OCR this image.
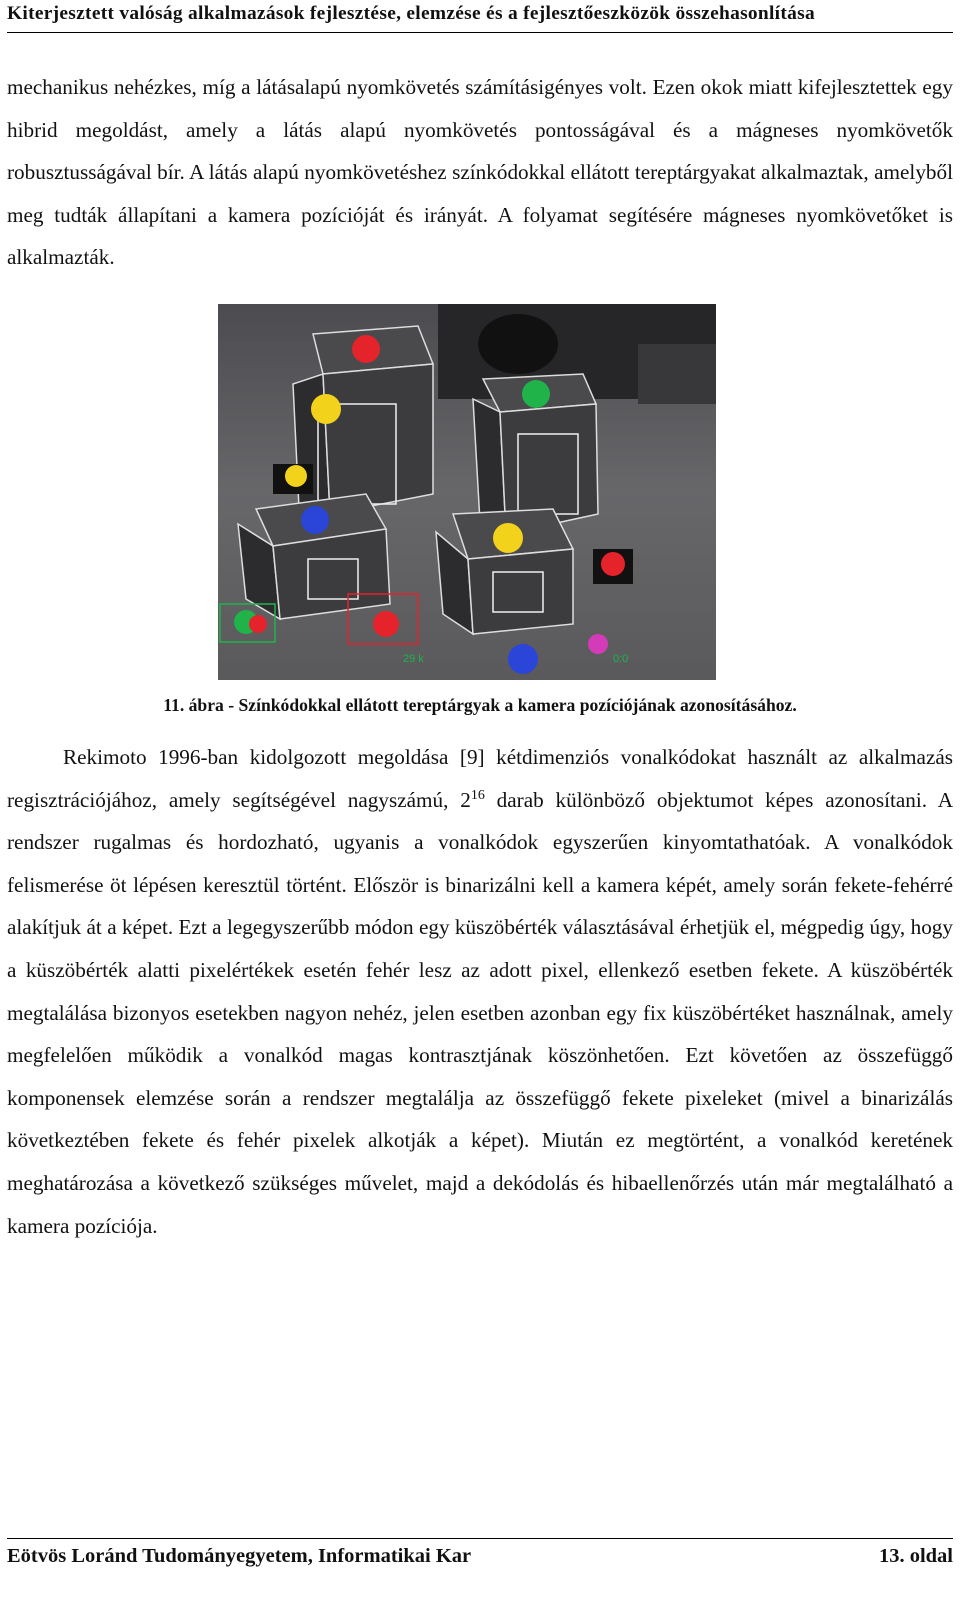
Kiterjesztett valóság alkalmazások fejlesztése, elemzése és a fejlesztőeszközök összehasonlítása

mechanikus nehézkes, míg a látásalapú nyomkövetés számításigényes volt. Ezen okok miatt kifejlesztettek egy hibrid megoldást, amely a látás alapú nyomkövetés pontosságával és a mágneses nyomkövetők robusztusságával bír. A látás alapú nyomkövetéshez színkódokkal ellátott tereptárgyakat alkalmaztak, amelyből meg tudták állapítani a kamera pozícióját és irányát. A folyamat segítésére mágneses nyomkövetőket is alkalmazták.

29 k	0:0
11. ábra - Színkódokkal ellátott tereptárgyak a kamera pozíciójának azonosításához.

Rekimoto 1996-ban kidolgozott megoldása [9] kétdimenziós vonalkódokat használt az alkalmazás regisztrációjához, amely segítségével nagyszámú, $2^{16}$ darab különböző objektumot képes azonosítani. A rendszer rugalmas és hordozható, ugyanis a vonalkódok egyszerűen kinyomtathatóak. A vonalkódok felismerése öt lépésen keresztül történt. Először is binarizálni kell a kamera képét, amely során fekete-fehérré alakítjuk át a képet. Ezt a legegyszerűbb módon egy küszöbérték választásával érhetjük el, mégpedig úgy, hogy a küszöbérték alatti pixelértékek esetén fehér lesz az adott pixel, ellenkező esetben fekete. A küszöbérték megtalálása bizonyos esetekben nagyon nehéz, jelen esetben azonban egy fix küszöbértéket használnak, amely megfelelően működik a vonalkód magas kontrasztjának köszönhetően. Ezt követően az összefüggő komponensek elemzése során a rendszer megtalálja az összefüggő fekete pixeleket (mivel a binarizálás következtében fekete és fehér pixelek alkotják a képet). Miután ez megtörtént, a vonalkód keretének meghatározása a következő szükséges művelet, majd a dekódolás és hibaellenőrzés után már megtalálható a kamera pozíciója.

Eötvös Loránd Tudományegyetem, Informatikai Kar	13. oldal
